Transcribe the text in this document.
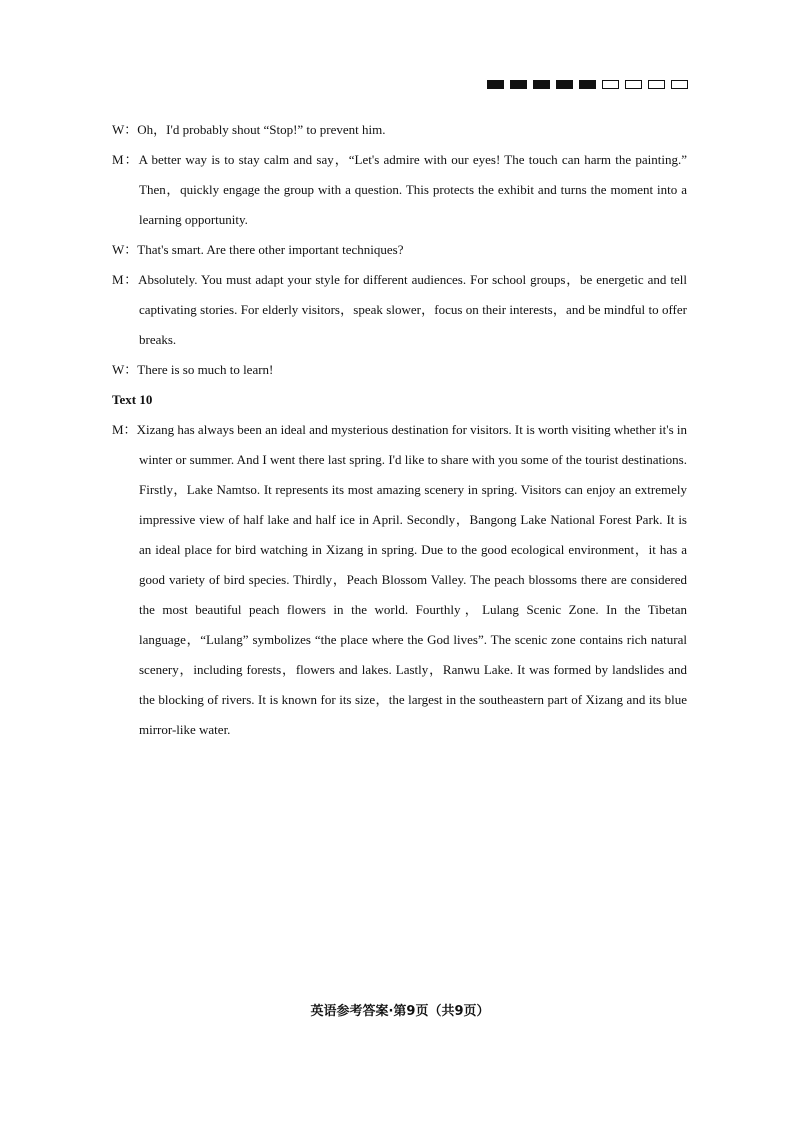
W：Oh，I'd probably shout “Stop!” to prevent him.

M：A better way is to stay calm and say，“Let's admire with our eyes! The touch can harm the painting.” Then，quickly engage the group with a question. This protects the exhibit and turns the moment into a learning opportunity.

W：That's smart. Are there other important techniques?

M：Absolutely. You must adapt your style for different audiences. For school groups，be energetic and tell captivating stories. For elderly visitors，speak slower，focus on their interests，and be mindful to offer breaks.

W：There is so much to learn!

Text 10

M：Xizang has always been an ideal and mysterious destination for visitors. It is worth visiting whether it's in winter or summer. And I went there last spring. I'd like to share with you some of the tourist destinations. Firstly，Lake Namtso. It represents its most amazing scenery in spring. Visitors can enjoy an extremely impressive view of half lake and half ice in April. Secondly，Bangong Lake National Forest Park. It is an ideal place for bird watching in Xizang in spring. Due to the good ecological environment，it has a good variety of bird species. Thirdly，Peach Blossom Valley. The peach blossoms there are considered the most beautiful peach flowers in the world. Fourthly，Lulang Scenic Zone. In the Tibetan language，“Lulang” symbolizes “the place where the God lives”. The scenic zone contains rich natural scenery，including forests，flowers and lakes. Lastly，Ranwu Lake. It was formed by landslides and the blocking of rivers. It is known for its size，the largest in the southeastern part of Xizang and its blue mirror-like water.

英语参考答案·第9页（共9页）
